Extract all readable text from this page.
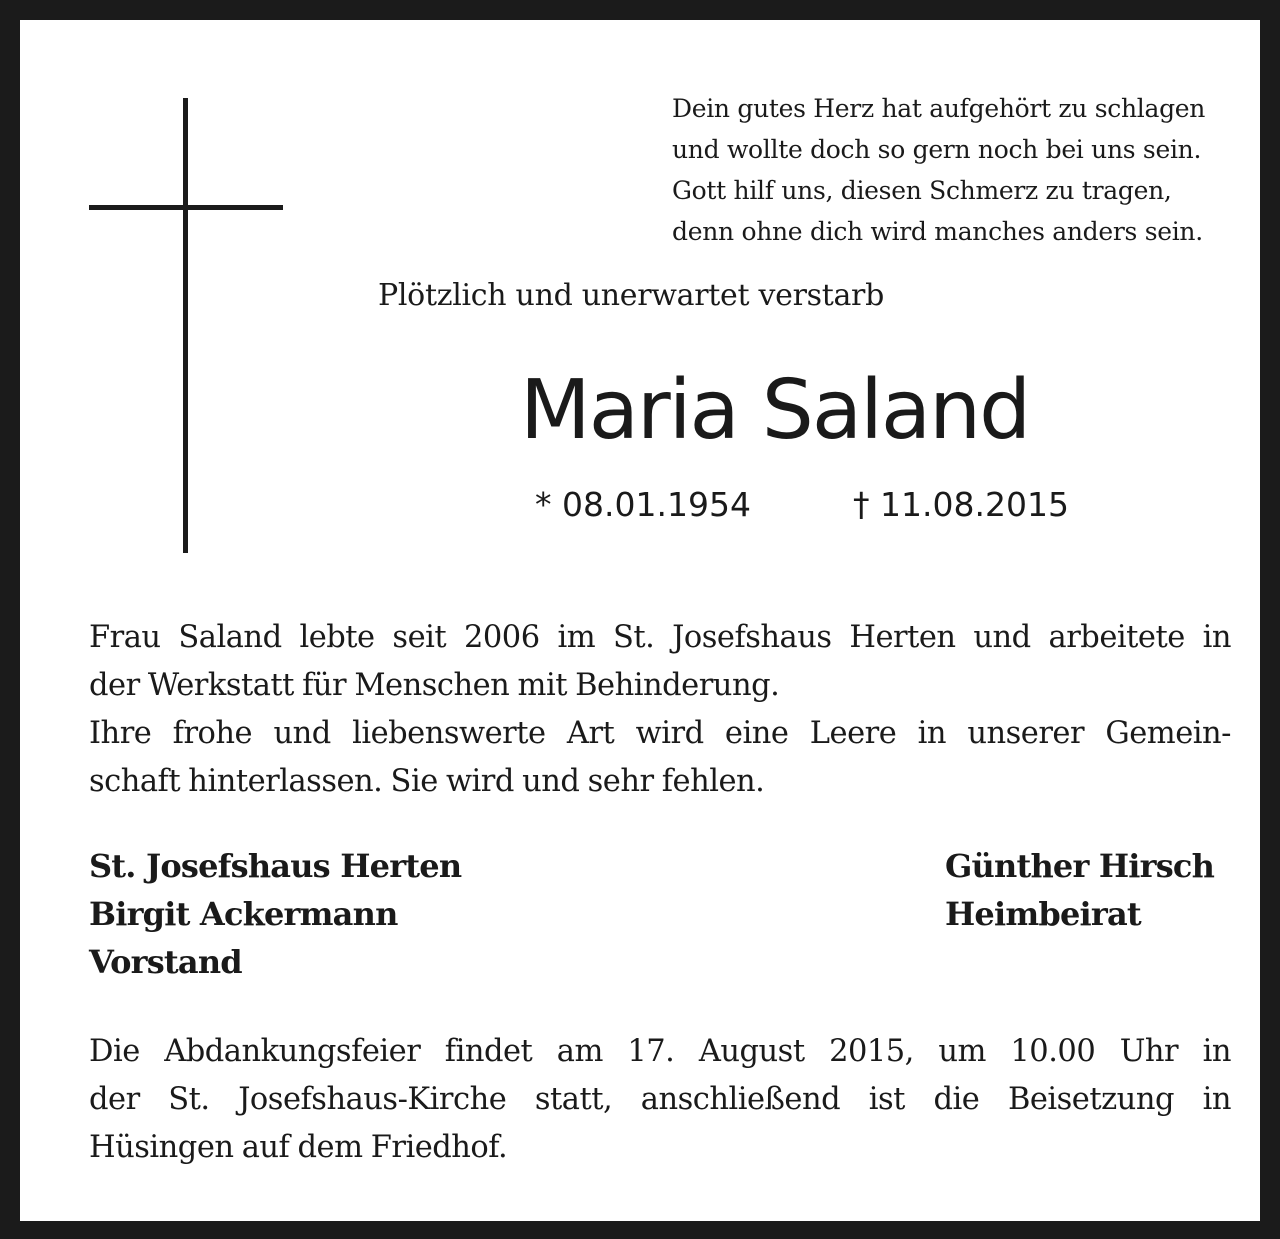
Dein gutes Herz hat aufgehört zu schlagen
und wollte doch so gern noch bei uns sein.
Gott hilf uns, diesen Schmerz zu tragen,
denn ohne dich wird manches anders sein.
Plötzlich und unerwartet verstarb
Maria Saland
* 08.01.1954	† 11.08.2015
Frau Saland lebte seit 2006 im St. Josefshaus Herten und arbeitete in
der Werkstatt für Menschen mit Behinderung.
Ihre frohe und liebenswerte Art wird eine Leere in unserer Gemein-
schaft hinterlassen. Sie wird und sehr fehlen.
St. Josefshaus Herten
Birgit Ackermann
Vorstand
Günther Hirsch
Heimbeirat
Die Abdankungsfeier findet am 17. August 2015, um 10.00 Uhr in
der St. Josefshaus-Kirche statt, anschließend ist die Beisetzung in
Hüsingen auf dem Friedhof.
